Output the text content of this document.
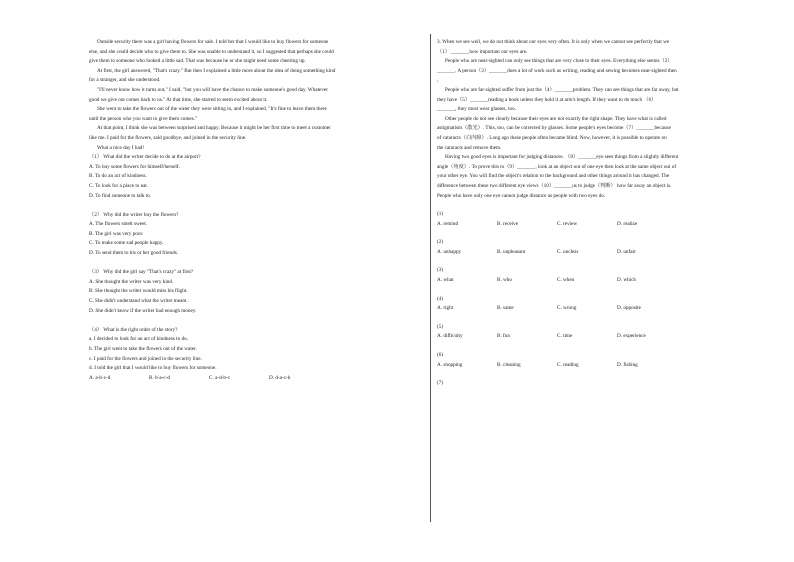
Outside security there was a girl having flowers for sale. I told her that I would like to buy flowers for someone

else, and she could decide who to give them to. She was unable to understand it, so I suggested that perhaps she could

give them to someone who looked a little sad. That was because he or she might need some cheering up.

At first, the girl answered, "That's crazy." But then I explained a little more about the idea of doing something kind

for a stranger, and she understood.

"I'll never know how it turns out," I said, "but you will have the chance to make someone's good day. Whatever

good we give out comes back to us." At that time, she started to seem excited about it.

She went to take the flowers out of the water they were sitting in, and I explained, "It's fine to leave them there

until the person who you want to give them comes."

At that point, I think she was between surprised and happy. Because it might be her first time to meet a customer

like me. I paid for the flowers, said goodbye, and joined in the security line.

What a nice day I had!

（1） What did the writer decide to do at the airport?

A. To buy some flowers for himself/herself.

B. To do an act of kindness.

C. To look for a place to eat.

D. To find someone to talk to.

（2） Why did the writer buy the flowers?

A. The flowers smelt sweet.

B. The girl was very poor.

C. To make some sad people happy.

D. To send them to his or her good friends.

（3） Why did the girl say "That's crazy" at first?

A. She thought the writer was very kind.

B. She thought the writer would miss his flight.

C. She didn't understand what the writer meant.

D. She didn't know if the writer had enough money.

（4） What is the right order of the story?

a. I decided to look for an act of kindness to do.

b. The girl went to take the flowers out of the water.

c. I paid for the flowers and joined in the security line.

d. I told the girl that I would like to buy flowers for someone.

A. a-b-c-d	B. b-a-c-d	C. a-d-b-c	D. d-a-c-b

3. When we see well, we do not think about our eyes very often. It is only when we cannot see perfectly that we

（1） _______how important our eyes are.

People who are near-sighted can only see things that are very close to their eyes. Everything else seems（2）

_______. A person（3）_______does a lot of work such as writing, reading and sewing becomes near-sighted then

，

People who are far-sighted suffer from just the（4）_______problem. They can see things that are far away, but

they have（5）_______reading a book unless they hold it at arm's length. If they want to do much （6）

_______, they must wear glasses, too.

Other people do not see clearly because their eyes are not exactly the right shape. They have what is called

astigmatism（散光）. This, too, can be corrected by glasses. Some people's eyes become（7）_______because

of cataracts（白内障）. Long ago these people often became blind. Now, however, it is possible to operate on

the cataracts and remove them.

Having two good eyes is important for judging distances. （8）_______eye sees things from a slightly different

angle（角度）. To prove this to（9）_______, look at an object out of one eye then look at the same object out of

your other eye. You will find the object's relation to the background and other things around it has changed. The

difference between these two different eye views（10）_______us to judge（判断） how far away an object is.

People who have only one eye cannot judge distance as people with two eyes do.

(1)

A. remind	B. receive	C. review	D. realize

(2)

A. unhappy	B. unpleasant	C. unclear	D. unfair

(3)

A. what	B. who	C. when	D. which

(4)

A. right	B. same	C. wrong	D. opposite

(5)

A. difficulty	B. fun	C. time	D. experience

(6)

A. shopping	B. cleaning	C. reading	D. fishing

(7)
